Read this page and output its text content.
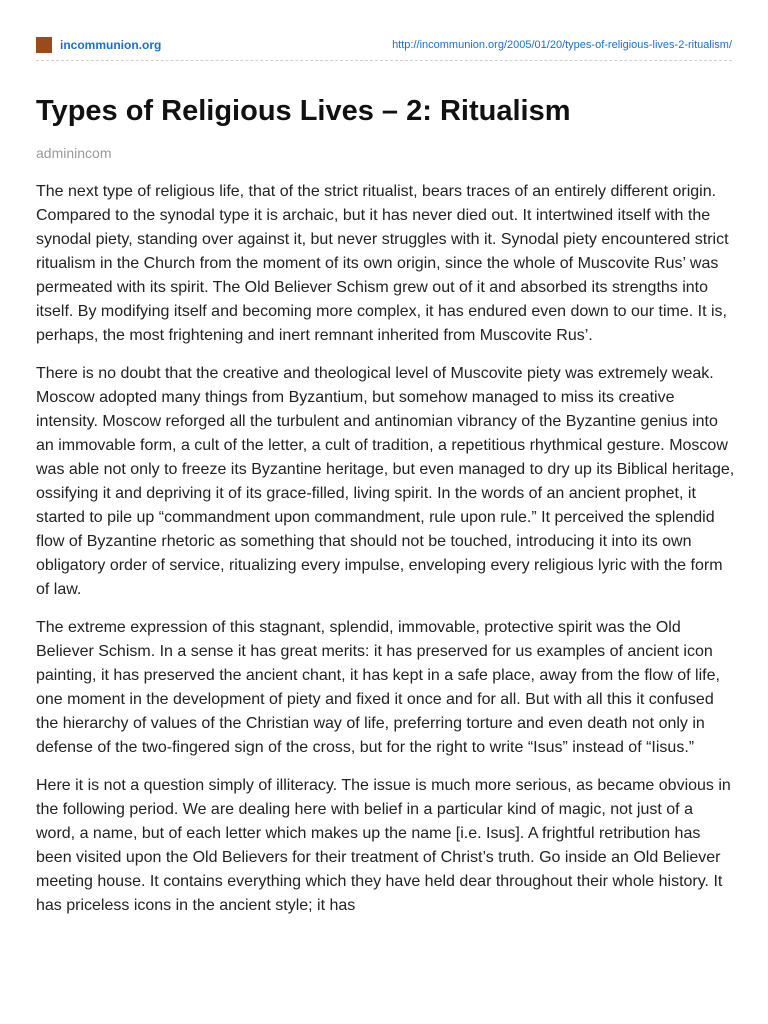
incommunion.org	http://incommunion.org/2005/01/20/types-of-religious-lives-2-ritualism/
Types of Religious Lives – 2: Ritualism
adminincom

The next type of religious life, that of the strict ritualist, bears traces of an entirely different origin. Compared to the synodal type it is archaic, but it has never died out. It intertwined itself with the synodal piety, standing over against it, but never struggles with it. Synodal piety encountered strict ritualism in the Church from the moment of its own origin, since the whole of Muscovite Rus’ was permeated with its spirit. The Old Believer Schism grew out of it and absorbed its strengths into itself. By modifying itself and becoming more complex, it has endured even down to our time. It is, perhaps, the most frightening and inert remnant inherited from Muscovite Rus’.

There is no doubt that the creative and theological level of Muscovite piety was extremely weak. Moscow adopted many things from Byzantium, but somehow managed to miss its creative intensity. Moscow reforged all the turbulent and antinomian vibrancy of the Byzantine genius into an immovable form, a cult of the letter, a cult of tradition, a repetitious rhythmical gesture. Moscow was able not only to freeze its Byzantine heritage, but even managed to dry up its Biblical heritage, ossifying it and depriving it of its grace-filled, living spirit. In the words of an ancient prophet, it started to pile up “commandment upon commandment, rule upon rule.” It perceived the splendid flow of Byzantine rhetoric as something that should not be touched, introducing it into its own obligatory order of service, ritualizing every impulse, enveloping every religious lyric with the form of law.

The extreme expression of this stagnant, splendid, immovable, protective spirit was the Old Believer Schism. In a sense it has great merits: it has preserved for us examples of ancient icon painting, it has preserved the ancient chant, it has kept in a safe place, away from the flow of life, one moment in the development of piety and fixed it once and for all. But with all this it confused the hierarchy of values of the Christian way of life, preferring torture and even death not only in defense of the two-fingered sign of the cross, but for the right to write “Isus” instead of “Iisus.”

Here it is not a question simply of illiteracy. The issue is much more serious, as became obvious in the following period. We are dealing here with belief in a particular kind of magic, not just of a word, a name, but of each letter which makes up the name [i.e. Isus]. A frightful retribution has been visited upon the Old Believers for their treatment of Christ’s truth. Go inside an Old Believer meeting house. It contains everything which they have held dear throughout their whole history. It has priceless icons in the ancient style; it has
